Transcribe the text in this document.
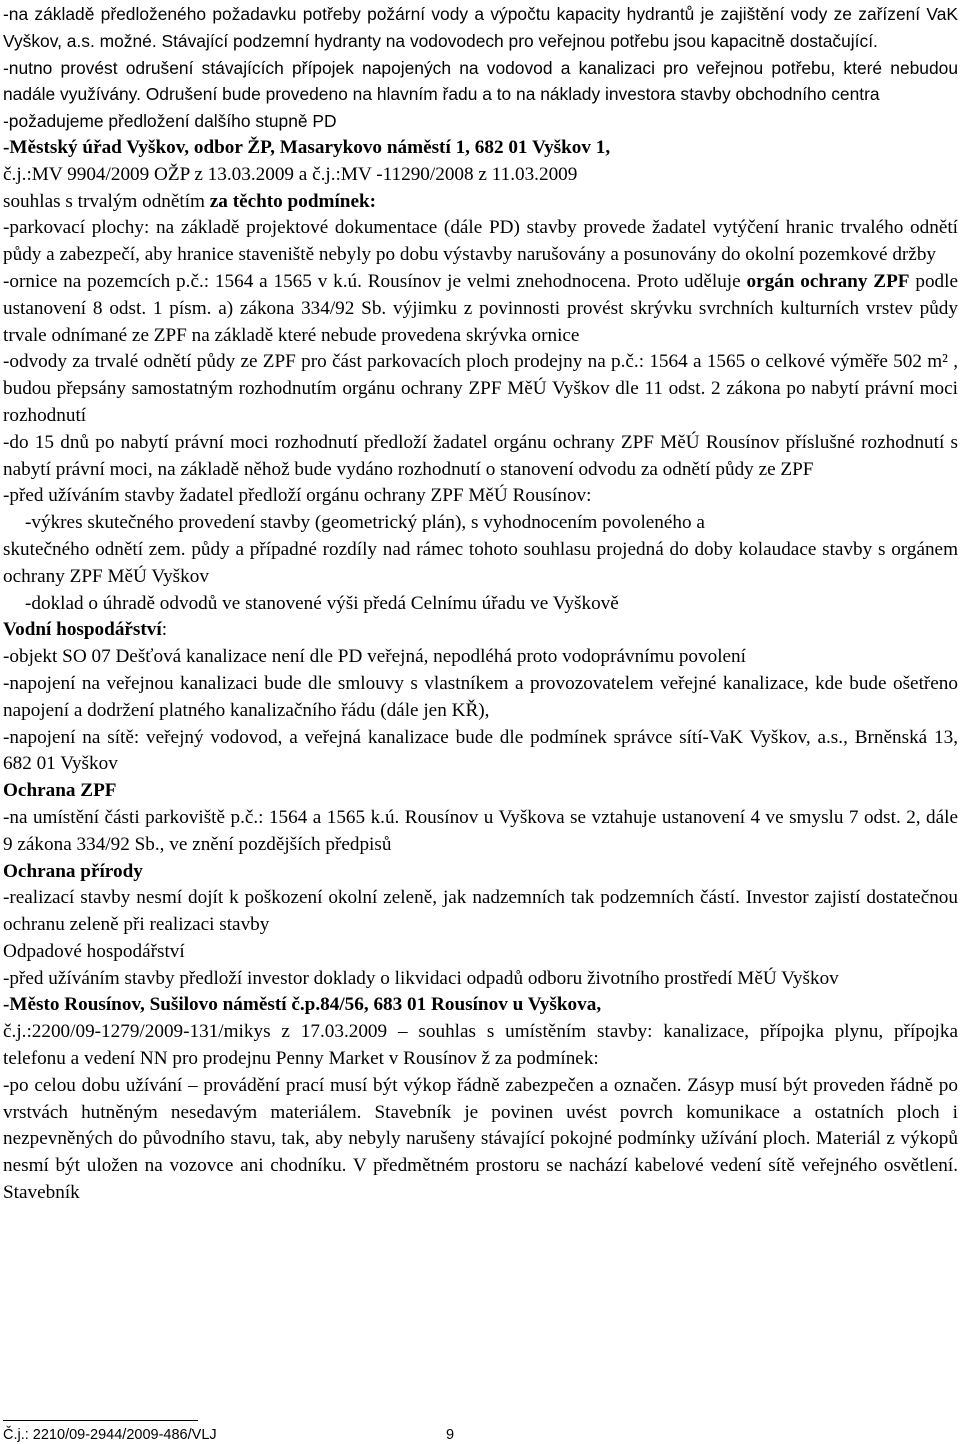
-na základě předloženého požadavku potřeby požární vody a výpočtu kapacity hydrantů je zajištění vody ze zařízení VaK Vyškov, a.s. možné. Stávající podzemní hydranty na vodovodech pro veřejnou potřebu jsou kapacitně dostačující.

-nutno provést odrušení stávajících přípojek napojených na vodovod a kanalizaci pro veřejnou potřebu, které nebudou nadále využívány. Odrušení bude provedeno na hlavním řadu a to na náklady investora stavby obchodního centra

-požadujeme předložení dalšího stupně PD

-Městský úřad Vyškov, odbor ŽP, Masarykovo náměstí 1, 682 01 Vyškov 1,

č.j.:MV 9904/2009 OŽP z 13.03.2009 a č.j.:MV -11290/2008 z 11.03.2009

souhlas s trvalým odnětím za těchto podmínek:

-parkovací plochy: na základě projektové dokumentace (dále PD) stavby provede žadatel vytýčení hranic trvalého odnětí půdy a zabezpečí, aby hranice staveniště nebyly po dobu výstavby narušovány a posunovány do okolní pozemkové držby

-ornice na pozemcích p.č.: 1564 a 1565 v k.ú. Rousínov je velmi znehodnocena. Proto uděluje orgán ochrany ZPF podle ustanovení 8 odst. 1 písm. a) zákona 334/92 Sb. výjimku z povinnosti provést skrývku svrchních kulturních vrstev půdy trvale odnímané ze ZPF na základě které nebude provedena skrývka ornice

-odvody za trvalé odnětí půdy ze ZPF pro část parkovacích ploch prodejny na p.č.: 1564 a 1565 o celkové výměře 502 m² , budou přepsány samostatným rozhodnutím orgánu ochrany ZPF MěÚ Vyškov dle 11 odst. 2 zákona po nabytí právní moci rozhodnutí

-do 15 dnů po nabytí právní moci rozhodnutí předloží žadatel orgánu ochrany ZPF MěÚ Rousínov příslušné rozhodnutí s nabytí právní moci, na základě něhož bude vydáno rozhodnutí o stanovení odvodu za odnětí půdy ze ZPF

-před užíváním stavby žadatel předloží orgánu ochrany ZPF MěÚ Rousínov:

-výkres skutečného provedení stavby (geometrický plán), s vyhodnocením povoleného a

skutečného odnětí zem. půdy a případné rozdíly nad rámec tohoto souhlasu projedná do doby kolaudace stavby s orgánem ochrany ZPF MěÚ Vyškov

-doklad o úhradě odvodů ve stanovené výši předá Celnímu úřadu ve Vyškově

Vodní hospodářství:

-objekt SO 07 Dešťová kanalizace není dle PD veřejná, nepodléhá proto vodoprávnímu povolení

-napojení na veřejnou kanalizaci bude dle smlouvy s vlastníkem a provozovatelem veřejné kanalizace, kde bude ošetřeno napojení a dodržení platného kanalizačního řádu (dále jen KŘ),

-napojení na sítě: veřejný vodovod, a veřejná kanalizace bude dle podmínek správce sítí-VaK Vyškov, a.s., Brněnská 13, 682 01 Vyškov

Ochrana ZPF

-na umístění části parkoviště p.č.: 1564 a 1565 k.ú. Rousínov u Vyškova se vztahuje ustanovení 4 ve smyslu 7 odst. 2, dále 9 zákona 334/92 Sb., ve znění pozdějších předpisů

Ochrana přírody

-realizací stavby nesmí dojít k poškození okolní zeleně, jak nadzemních tak podzemních částí. Investor zajistí dostatečnou ochranu zeleně při realizaci stavby

Odpadové hospodářství

-před užíváním stavby předloží investor doklady o likvidaci odpadů odboru životního prostředí MěÚ Vyškov

-Město Rousínov, Sušilovo náměstí č.p.84/56, 683 01 Rousínov u Vyškova,

č.j.:2200/09-1279/2009-131/mikys z 17.03.2009 – souhlas s umístěním stavby: kanalizace, přípojka plynu, přípojka telefonu a vedení NN pro prodejnu Penny Market v Rousínov ž za podmínek:

-po celou dobu užívání – provádění prací musí být výkop řádně zabezpečen a označen. Zásyp musí být proveden řádně po vrstvách hutněným nesedavým materiálem. Stavebník je povinen uvést povrch komunikace a ostatních ploch i nezpevněných do původního stavu, tak, aby nebyly narušeny stávající pokojné podmínky užívání ploch. Materiál z výkopů nesmí být uložen na vozovce ani chodníku. V předmětném prostoru se nachází kabelové vedení sítě veřejného osvětlení. Stavebník

Č.j.: 2210/09-2944/2009-486/VLJ	9
